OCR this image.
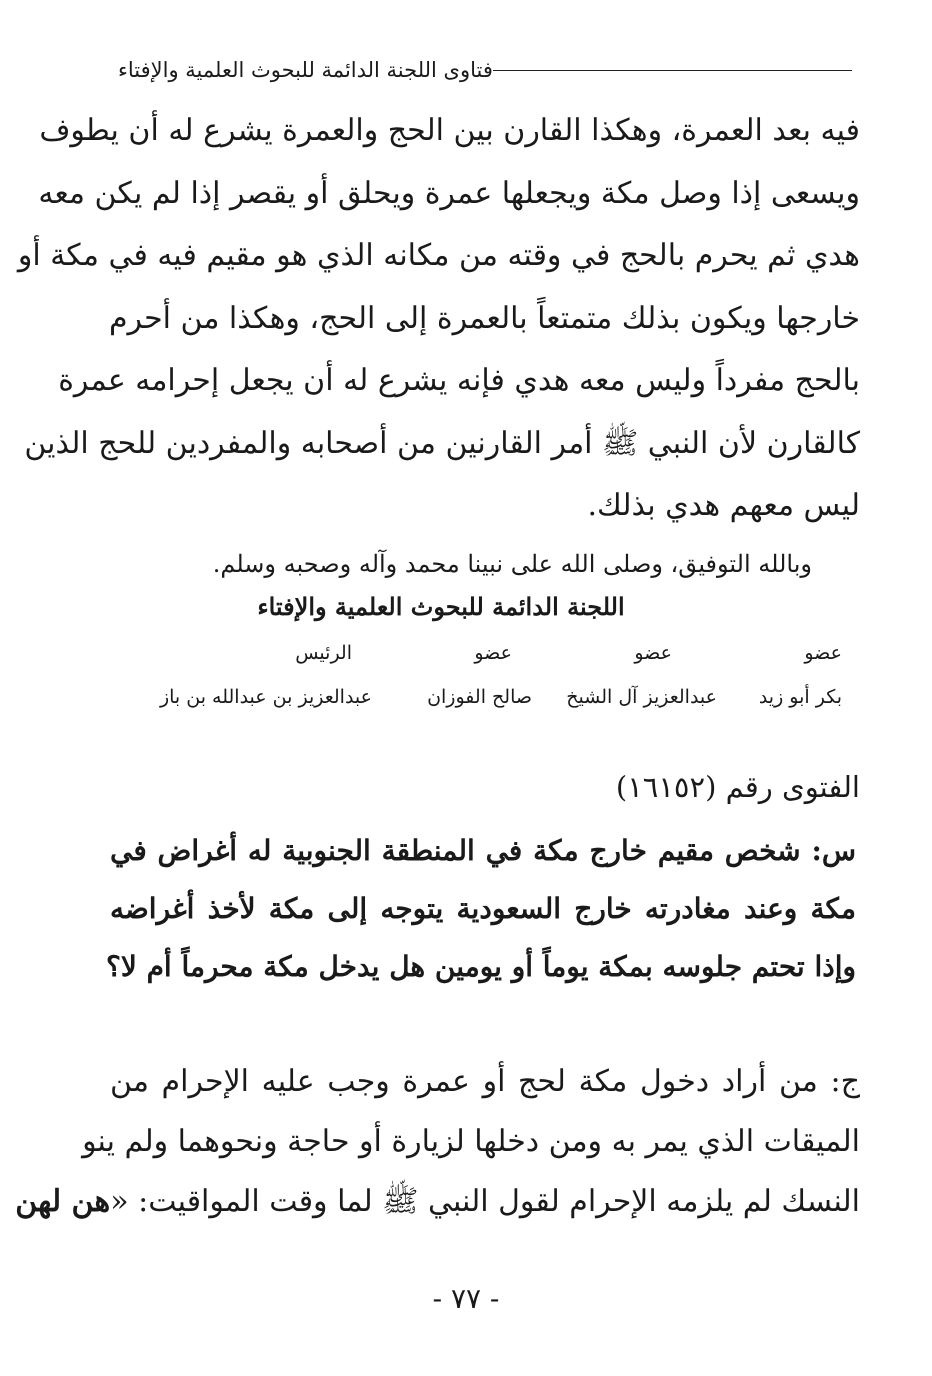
فتاوى اللجنة الدائمة للبحوث العلمية والإفتاء
فيه بعد العمرة، وهكذا القارن بين الحج والعمرة يشرع له أن يطوف
ويسعى إذا وصل مكة ويجعلها عمرة ويحلق أو يقصر إذا لم يكن معه
هدي ثم يحرم بالحج في وقته من مكانه الذي هو مقيم فيه في مكة أو
خارجها ويكون بذلك متمتعاً بالعمرة إلى الحج، وهكذا من أحرم
بالحج مفرداً وليس معه هدي فإنه يشرع له أن يجعل إحرامه عمرة
كالقارن لأن النبي ﷺ أمر القارنين من أصحابه والمفردين للحج الذين
ليس معهم هدي بذلك.
وبالله التوفيق، وصلى الله على نبينا محمد وآله وصحبه وسلم.
اللجنة الدائمة للبحوث العلمية والإفتاء
عضو
عضو
عضو
الرئيس
بكر أبو زيد
عبدالعزيز آل الشيخ
صالح الفوزان
عبدالعزيز بن عبدالله بن باز
الفتوى رقم (١٦١٥٢)
س: شخص مقيم خارج مكة في المنطقة الجنوبية له أغراض في
مكة وعند مغادرته خارج السعودية يتوجه إلى مكة لأخذ أغراضه
وإذا تحتم جلوسه بمكة يوماً أو يومين هل يدخل مكة محرماً أم لا؟
ج: من أراد دخول مكة لحج أو عمرة وجب عليه الإحرام من
الميقات الذي يمر به ومن دخلها لزيارة أو حاجة ونحوهما ولم ينو
النسك لم يلزمه الإحرام لقول النبي ﷺ لما وقت المواقيت: «هن لهن
- ٧٧ -
